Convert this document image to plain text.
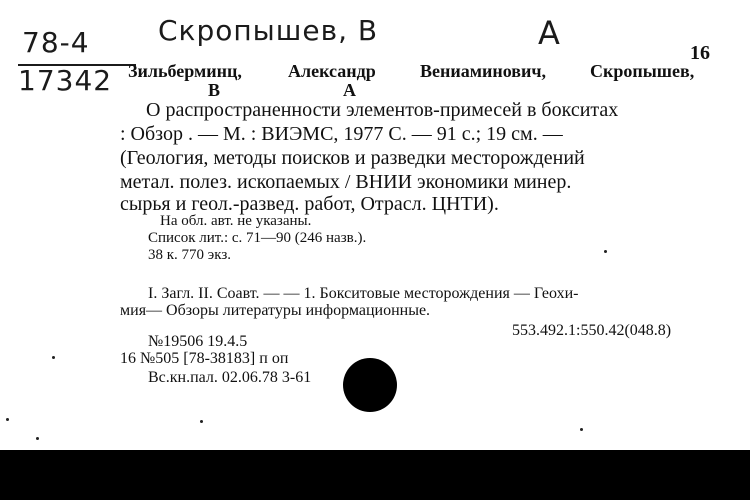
78-4
17342
Скропышев, В	А
16
Зильберминц,	Александр Вениаминович, Скропышев,
В	А
О распространенности элементов-примесей в бокситах
: Обзор . — М. : ВИЭМС, 1977 С. — 91 с.; 19 см. —
(Геология, методы поисков и разведки месторождений
метал. полез. ископаемых / ВНИИ экономики минер.
сырья и геол.-развед. работ, Отрасл. ЦНТИ).
На обл. авт. не указаны.
Список лит.: с. 71—90 (246 назв.).
38 к. 770 экз.
I. Загл. II. Соавт. — — 1. Бокситовые месторождения — Геохи-
мия— Обзоры литературы информационные.
553.492.1:550.42(048.8)
№19506 19.4.5
16 №505 [78-38183] п оп
Вс.кн.пал. 02.06.78 3-61
